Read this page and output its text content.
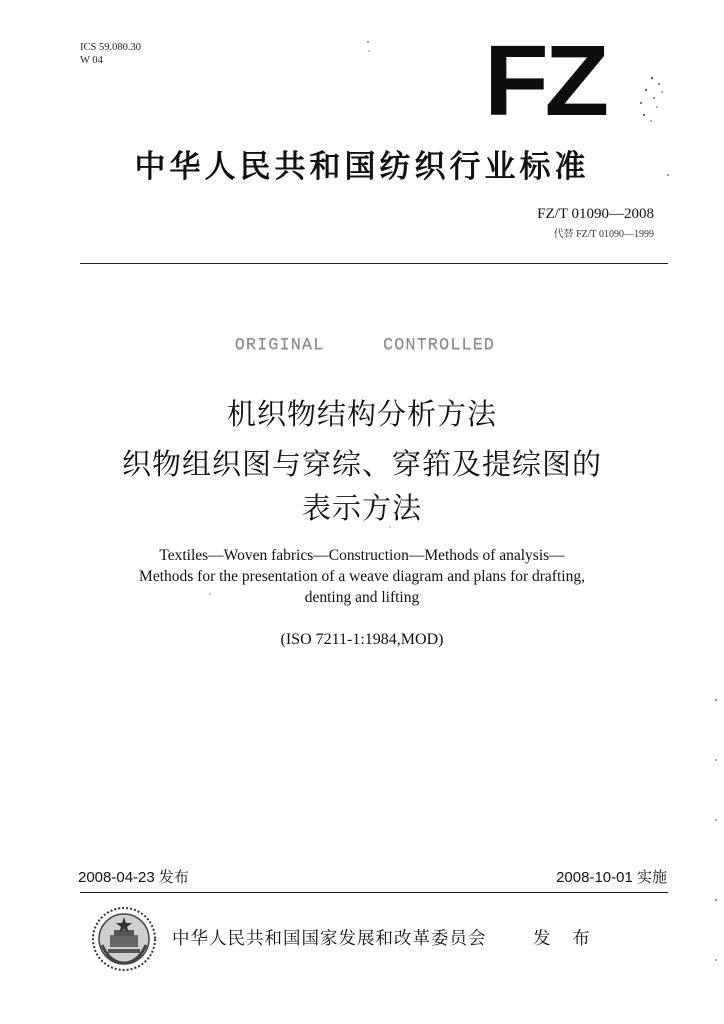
ICS 59.080.30
W 04	FZ
中华人民共和国纺织行业标准
FZ/T 01090—2008
代替 FZ/T 01090—1999
ORIGINAL	CONTROLLED
机织物结构分析方法
织物组织图与穿综、穿筘及提综图的
表示方法
Textiles—Woven fabrics—Construction—Methods of analysis—
Methods for the presentation of a weave diagram and plans for drafting,
denting and lifting
(ISO 7211-1:1984,MOD)
2008-04-23 发布	2008-10-01 实施
中华人民共和国国家发展和改革委员会	发 布
